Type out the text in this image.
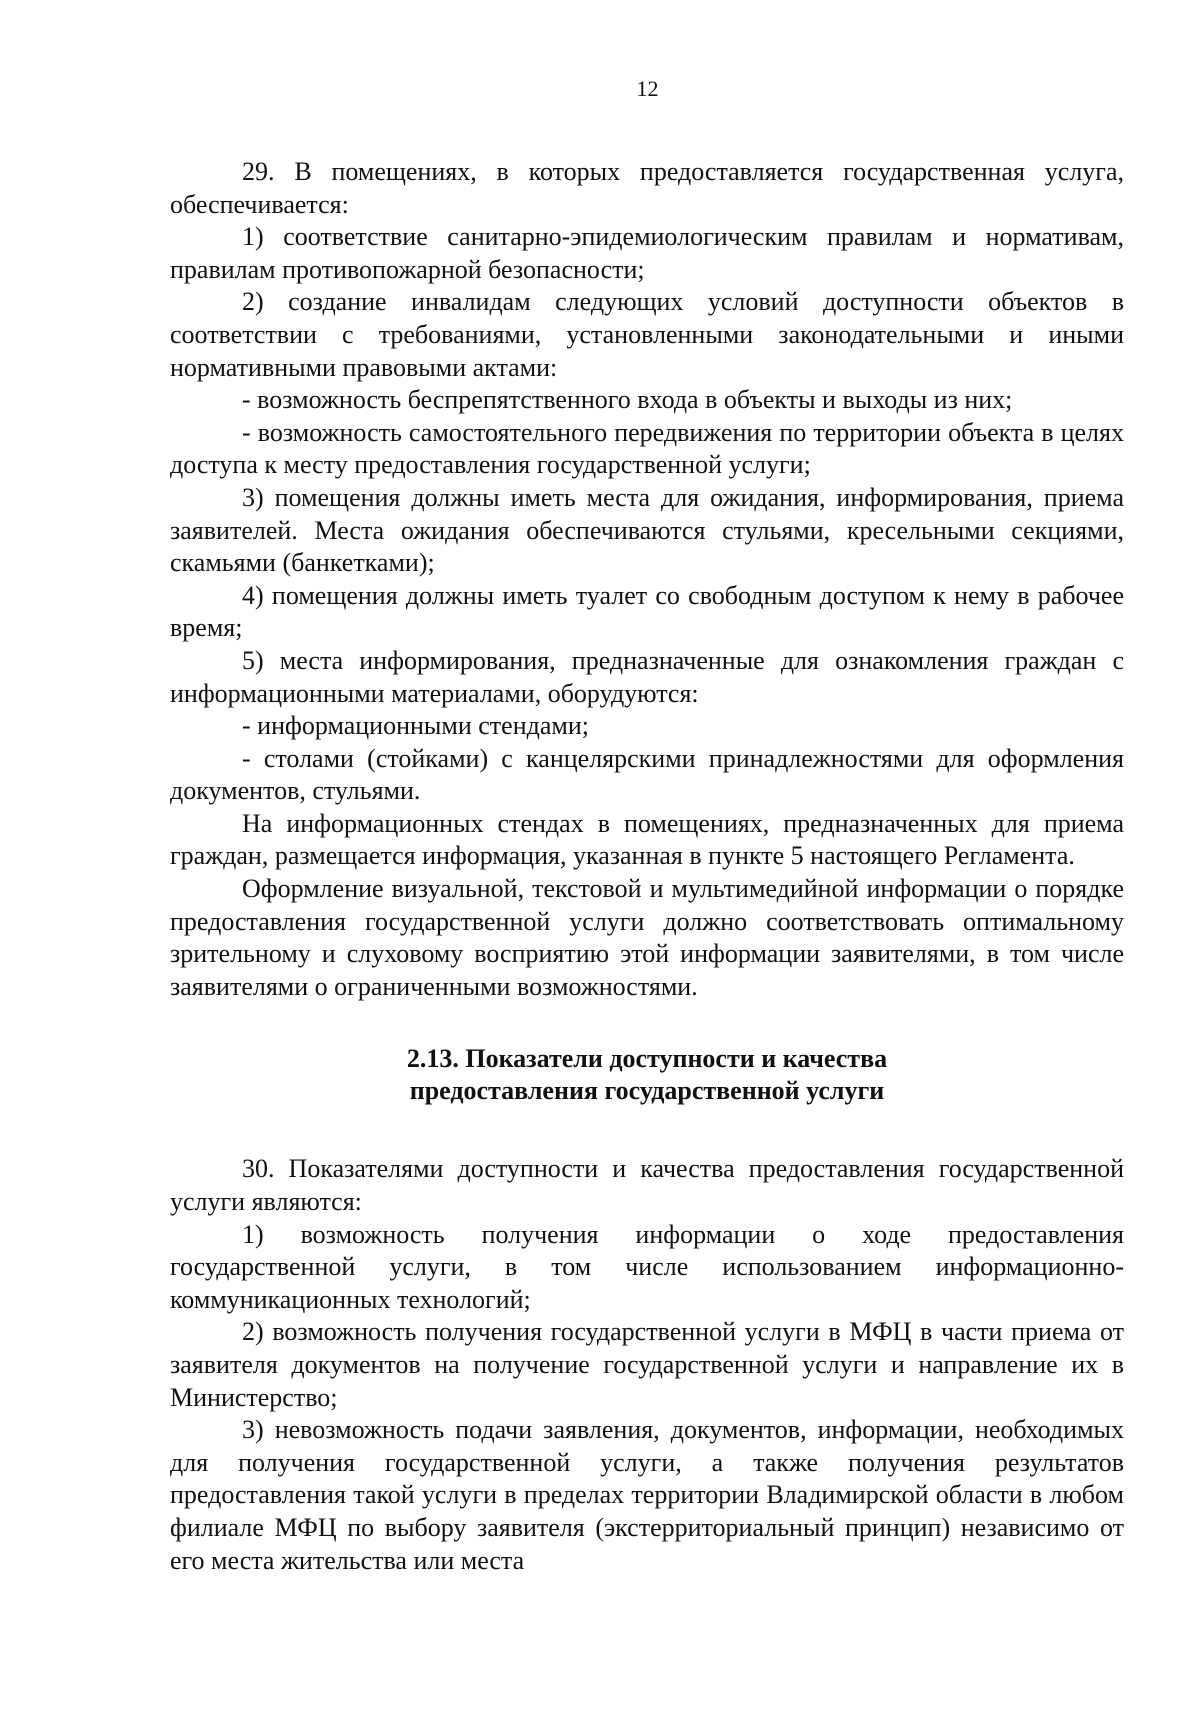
12

29. В помещениях, в которых предоставляется государственная услуга, обеспечивается:

1) соответствие санитарно-эпидемиологическим правилам и нормативам, правилам противопожарной безопасности;

2) создание инвалидам следующих условий доступности объектов в соответствии с требованиями, установленными законодательными и иными нормативными правовыми актами:

- возможность беспрепятственного входа в объекты и выходы из них;

- возможность самостоятельного передвижения по территории объекта в целях доступа к месту предоставления государственной услуги;

3) помещения должны иметь места для ожидания, информирования, приема заявителей. Места ожидания обеспечиваются стульями, кресельными секциями, скамьями (банкетками);

4) помещения должны иметь туалет со свободным доступом к нему в рабочее время;

5) места информирования, предназначенные для ознакомления граждан с информационными материалами, оборудуются:

- информационными стендами;

- столами (стойками) с канцелярскими принадлежностями для оформления документов, стульями.

На информационных стендах в помещениях, предназначенных для приема граждан, размещается информация, указанная в пункте 5 настоящего Регламента.

Оформление визуальной, текстовой и мультимедийной информации о порядке предоставления государственной услуги должно соответствовать оптимальному зрительному и слуховому восприятию этой информации заявителями, в том числе заявителями о ограниченными возможностями.

2.13. Показатели доступности и качества
предоставления государственной услуги

30. Показателями доступности и качества предоставления государственной услуги являются:

1) возможность получения информации о ходе предоставления государственной услуги, в том числе использованием информационно-коммуникационных технологий;

2) возможность получения государственной услуги в МФЦ в части приема от заявителя документов на получение государственной услуги и направление их в Министерство;

3) невозможность подачи заявления, документов, информации, необходимых для получения государственной услуги, а также получения результатов предоставления такой услуги в пределах территории Владимирской области в любом филиале МФЦ по выбору заявителя (экстерриториальный принцип) независимо от его места жительства или места
